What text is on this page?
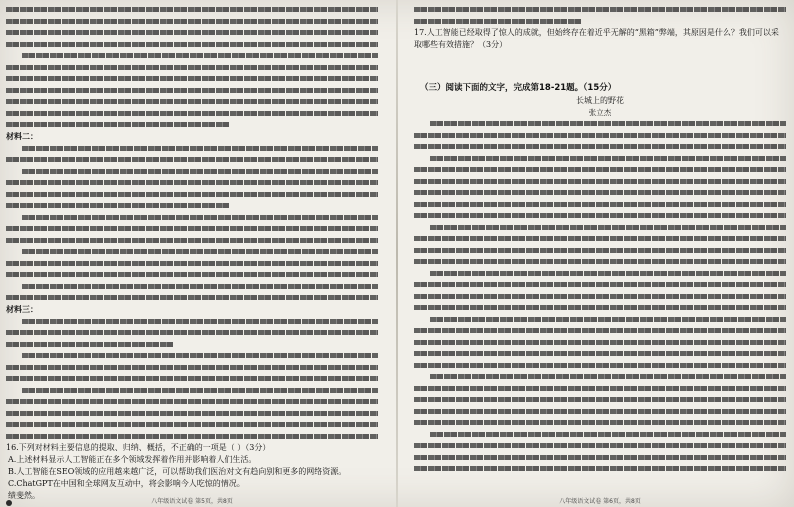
材料二：
材料三：
16.下列对材料主要信息的提取、归纳、概括，不正确的一项是（ ）（3分）
A.上述材料显示人工智能正在多个领域发挥着作用并影响着人们生活。
B.人工智能在SEO领域的应用越来越广泛，可以帮助我们医治对文有趋向别和更多的网络资源。
C.ChatGPT在中国和全球网友互动中，将会影响今人吃惊的情况。
绩斐然。
八年级语文试卷 第5页，共8页
17.人工智能已经取得了惊人的成就，但始终存在着近乎无解的“黑箱”弊端，其原因是什么？我们可以采取哪些有效措施？（3分）
（三）阅读下面的文字，完成第18-21题。（15分）
长城上的野花
张立杰
八年级语文试卷 第6页，共8页
